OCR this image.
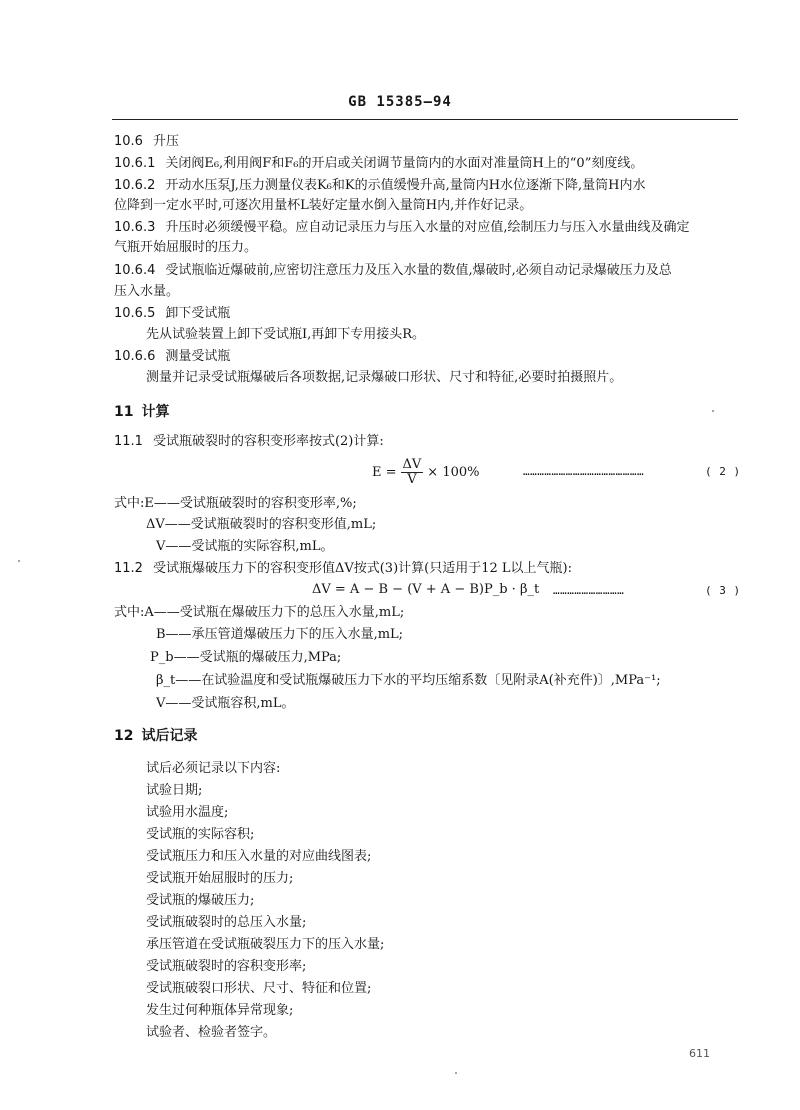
GB 15385—94
10.6 升压
10.6.1 关闭阀E₆,利用阀F和F₆的开启或关闭调节量筒内的水面对准量筒H上的“0”刻度线。
10.6.2 开动水压泵J,压力测量仪表K₆和K的示值缓慢升高,量筒内H水位逐渐下降,量筒H内水
位降到一定水平时,可逐次用量杯L装好定量水倒入量筒H内,并作好记录。
10.6.3 升压时必须缓慢平稳。应自动记录压力与压入水量的对应值,绘制压力与压入水量曲线及确定
气瓶开始屈服时的压力。
10.6.4 受试瓶临近爆破前,应密切注意压力及压入水量的数值,爆破时,必须自动记录爆破压力及总
压入水量。
10.6.5 卸下受试瓶
先从试验装置上卸下受试瓶I,再卸下专用接头R。
10.6.6 测量受试瓶
测量并记录受试瓶爆破后各项数据,记录爆破口形状、尺寸和特征,必要时拍摄照片。
11 计算
11.1 受试瓶破裂时的容积变形率按式(2)计算:
$E = \frac{\Delta V}{V} \times 100\%$	……………………………………………	( 2 )
式中:E——受试瓶破裂时的容积变形率,%;
ΔV——受试瓶破裂时的容积变形值,mL;
V——受试瓶的实际容积,mL。
11.2 受试瓶爆破压力下的容积变形值ΔV按式(3)计算(只适用于12 L以上气瓶):
ΔV = A − B − (V + A − B)P_b · β_t …………………………	( 3 )
式中:A——受试瓶在爆破压力下的总压入水量,mL;
B——承压管道爆破压力下的压入水量,mL;
P_b——受试瓶的爆破压力,MPa;
β_t——在试验温度和受试瓶爆破压力下水的平均压缩系数〔见附录A(补充件)〕,MPa⁻¹;
V——受试瓶容积,mL。
12 试后记录
试后必须记录以下内容:
试验日期;
试验用水温度;
受试瓶的实际容积;
受试瓶压力和压入水量的对应曲线图表;
受试瓶开始屈服时的压力;
受试瓶的爆破压力;
受试瓶破裂时的总压入水量;
承压管道在受试瓶破裂压力下的压入水量;
受试瓶破裂时的容积变形率;
受试瓶破裂口形状、尺寸、特征和位置;
发生过何种瓶体异常现象;
试验者、检验者签字。
611
